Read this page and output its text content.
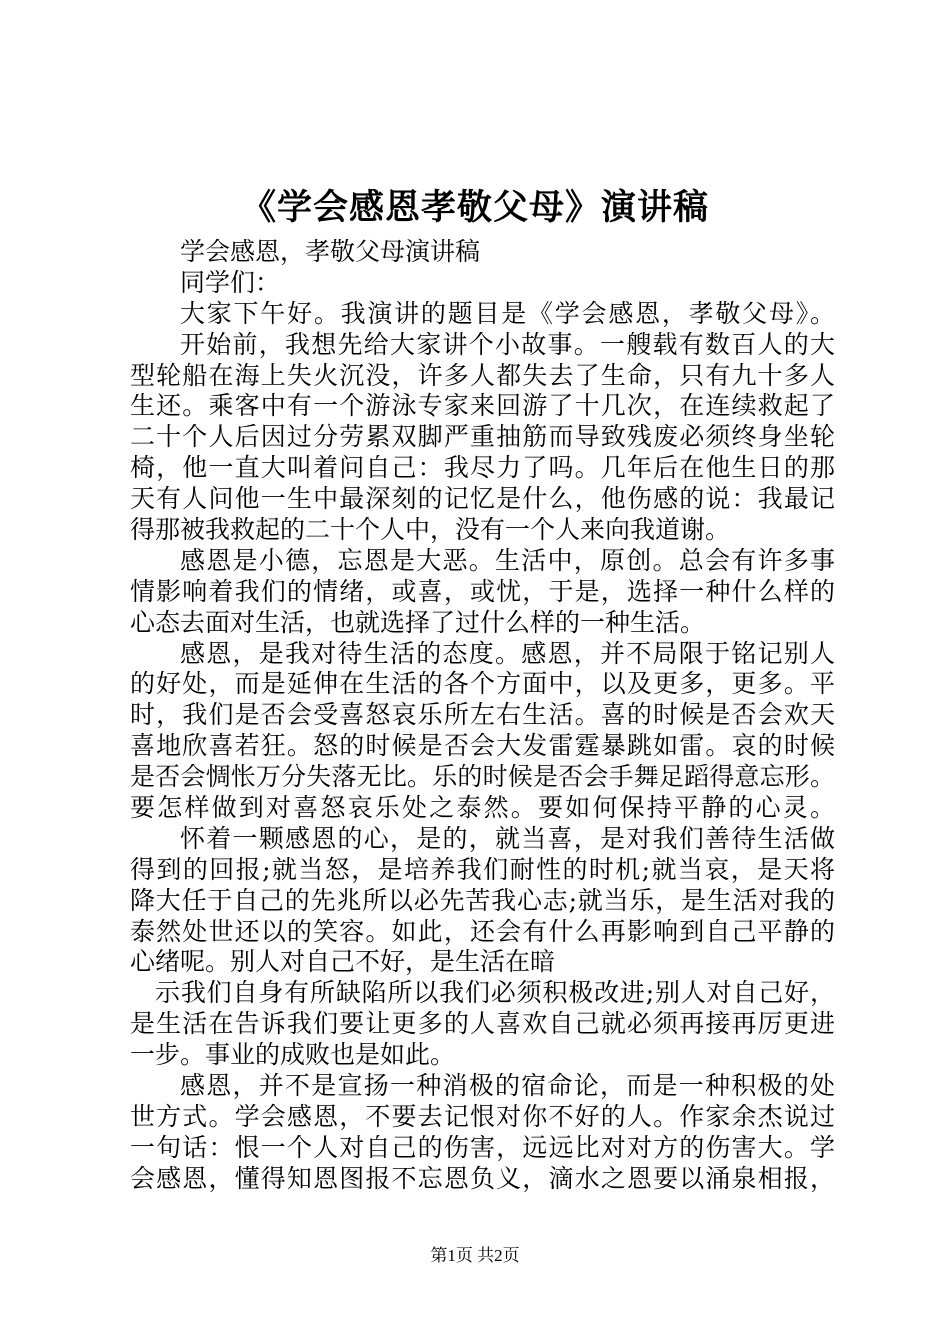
《学会感恩孝敬父母》演讲稿
学会感恩，孝敬父母演讲稿
同学们：
大家下午好。我演讲的题目是《学会感恩，孝敬父母》。
开始前，我想先给大家讲个小故事。一艘载有数百人的大
型轮船在海上失火沉没，许多人都失去了生命，只有九十多人
生还。乘客中有一个游泳专家来回游了十几次，在连续救起了
二十个人后因过分劳累双脚严重抽筋而导致残废必须终身坐轮
椅，他一直大叫着问自己：我尽力了吗。几年后在他生日的那
天有人问他一生中最深刻的记忆是什么，他伤感的说：我最记
得那被我救起的二十个人中，没有一个人来向我道谢。
感恩是小德，忘恩是大恶。生活中，原创。总会有许多事
情影响着我们的情绪，或喜，或忧，于是，选择一种什么样的
心态去面对生活，也就选择了过什么样的一种生活。
感恩，是我对待生活的态度。感恩，并不局限于铭记别人
的好处，而是延伸在生活的各个方面中，以及更多，更多。平
时，我们是否会受喜怒哀乐所左右生活。喜的时候是否会欢天
喜地欣喜若狂。怒的时候是否会大发雷霆暴跳如雷。哀的时候
是否会惆怅万分失落无比。乐的时候是否会手舞足蹈得意忘形。
要怎样做到对喜怒哀乐处之泰然。要如何保持平静的心灵。
怀着一颗感恩的心，是的，就当喜，是对我们善待生活做
得到的回报;就当怒，是培养我们耐性的时机;就当哀，是天将
降大任于自己的先兆所以必先苦我心志;就当乐，是生活对我的
泰然处世还以的笑容。如此，还会有什么再影响到自己平静的
心绪呢。别人对自己不好，是生活在暗
示我们自身有所缺陷所以我们必须积极改进;别人对自己好，
是生活在告诉我们要让更多的人喜欢自己就必须再接再厉更进
一步。事业的成败也是如此。
感恩，并不是宣扬一种消极的宿命论，而是一种积极的处
世方式。学会感恩，不要去记恨对你不好的人。作家余杰说过
一句话：恨一个人对自己的伤害，远远比对对方的伤害大。学
会感恩，懂得知恩图报不忘恩负义，滴水之恩要以涌泉相报，
第1页 共2页
